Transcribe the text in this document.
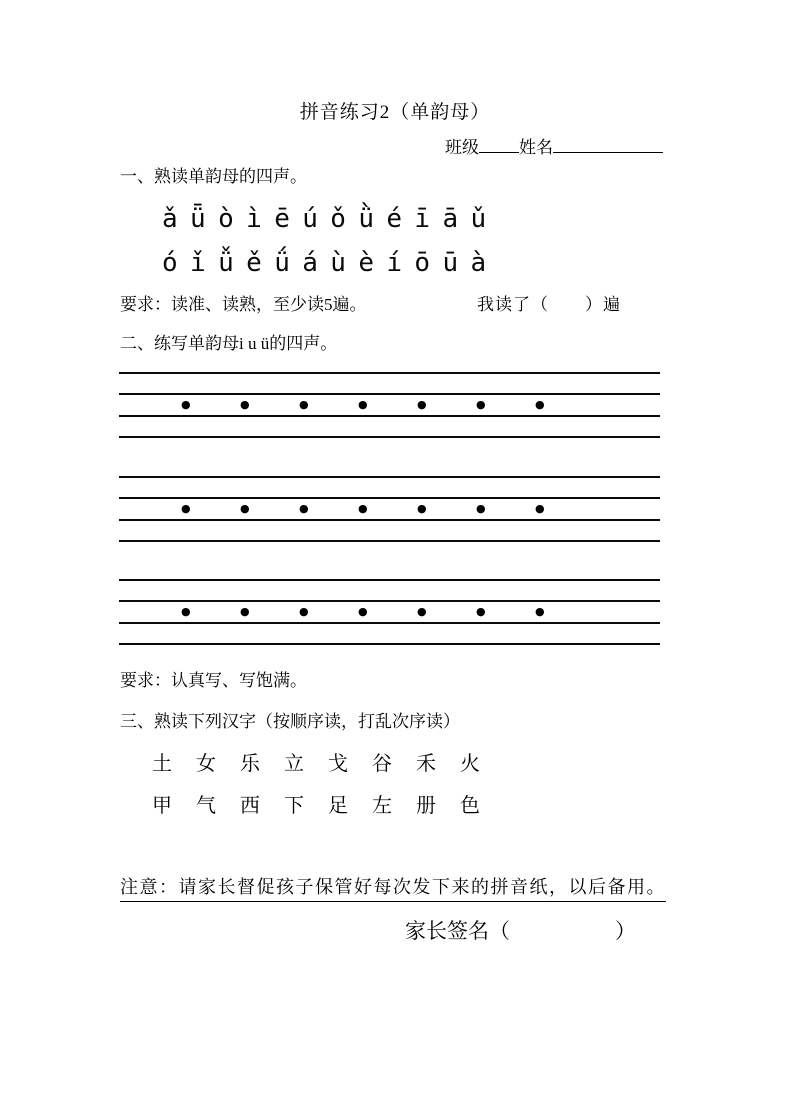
拼音练习2（单韵母）
班级 姓名
一、熟读单韵母的四声。
ǎ ǖ ò ì ē ú ǒ ǜ é ī ā ǔ
ó ǐ ǚ ě ǘ á ù è í ō ū à
要求：读准、读熟，至少读5遍。	我读了（　　）遍
二、练写单韵母i u ü的四声。
●	●	●	●	●	●	●
●	●	●	●	●	●	●
●	●	●	●	●	●	●
要求：认真写、写饱满。
三、熟读下列汉字（按顺序读，打乱次序读）
土 女 乐 立 戈 谷 禾 火
甲 气 西 下 足 左 册 色
注意：请家长督促孩子保管好每次发下来的拼音纸，以后备用。
家长签名（　　　　　）
